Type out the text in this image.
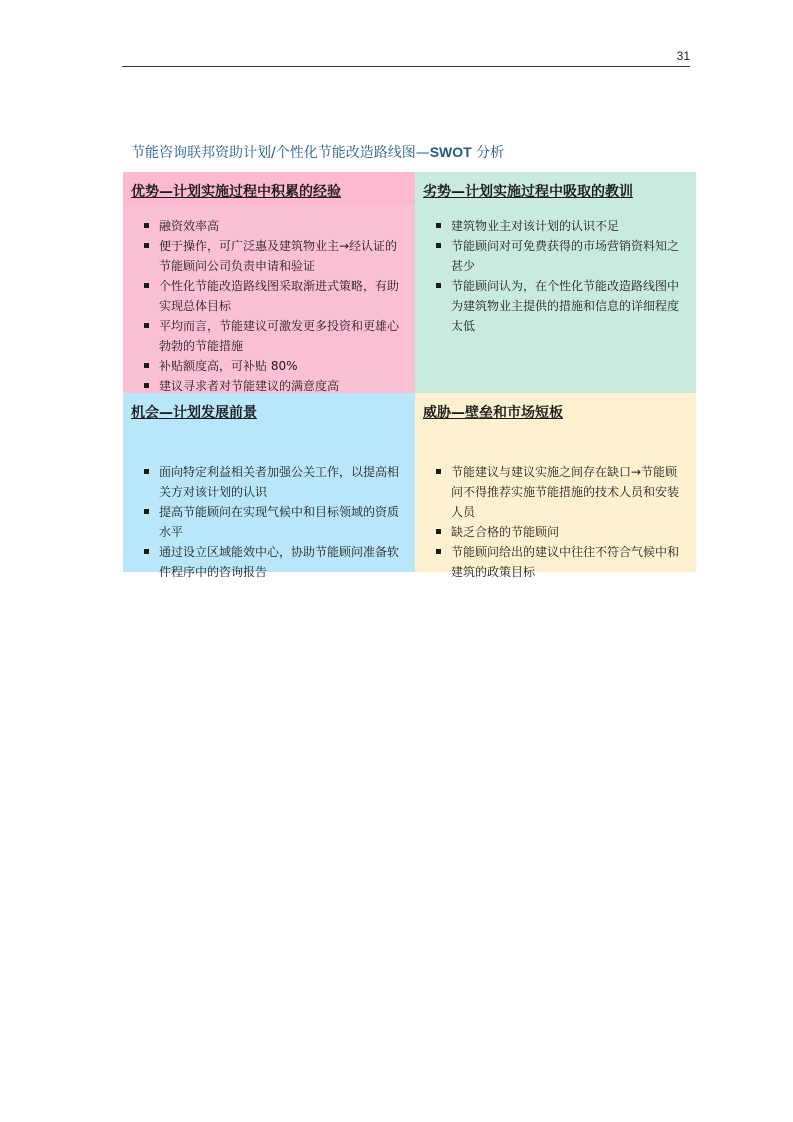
31
节能咨询联邦资助计划/个性化节能改造路线图—SWOT 分析
优势—计划实施过程中积累的经验
融资效率高
便于操作，可广泛惠及建筑物业主→经认证的节能顾问公司负责申请和验证
个性化节能改造路线图采取渐进式策略，有助实现总体目标
平均而言，节能建议可激发更多投资和更雄心勃勃的节能措施
补贴额度高，可补贴 80%
建议寻求者对节能建议的满意度高
劣势—计划实施过程中吸取的教训
建筑物业主对该计划的认识不足
节能顾问对可免费获得的市场营销资料知之甚少
节能顾问认为，在个性化节能改造路线图中为建筑物业主提供的措施和信息的详细程度太低
机会—计划发展前景
面向特定利益相关者加强公关工作，以提高相关方对该计划的认识
提高节能顾问在实现气候中和目标领域的资质水平
通过设立区域能效中心，协助节能顾问准备软件程序中的咨询报告
威胁—壁垒和市场短板
节能建议与建议实施之间存在缺口→节能顾问不得推荐实施节能措施的技术人员和安装人员
缺乏合格的节能顾问
节能顾问给出的建议中往往不符合气候中和建筑的政策目标
